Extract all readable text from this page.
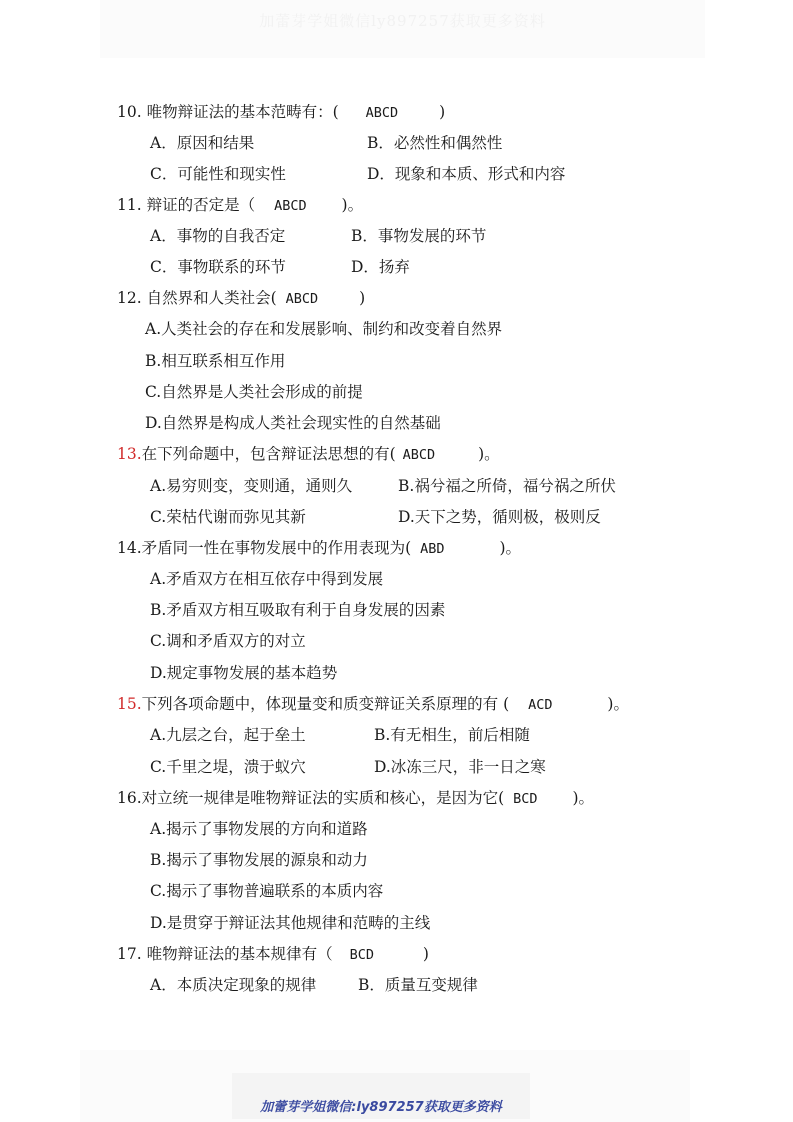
加蕾芽学姐微信ly897257获取更多资料
10. 唯物辩证法的基本范畴有：( ABCD	)
A．原因和结果	B．必然性和偶然性
C．可能性和现实性	D．现象和本质、形式和内容
11. 辩证的否定是（ ABCD )。
A．事物的自我否定	B．事物发展的环节
C．事物联系的环节	D．扬弃
12. 自然界和人类社会( ABCD	)
A.人类社会的存在和发展影响、制约和改变着自然界
B.相互联系相互作用
C.自然界是人类社会形成的前提
D.自然界是构成人类社会现实性的自然基础
13.在下列命题中，包含辩证法思想的有( ABCD	)。
A.易穷则变，变则通，通则久	B.祸兮福之所倚，福兮祸之所伏
C.荣枯代谢而弥见其新	D.天下之势，循则极，极则反
14.矛盾同一性在事物发展中的作用表现为( ABD	)。
A.矛盾双方在相互依存中得到发展
B.矛盾双方相互吸取有利于自身发展的因素
C.调和矛盾双方的对立
D.规定事物发展的基本趋势
15.下列各项命题中，体现量变和质变辩证关系原理的有 ( ACD	)。
A.九层之台，起于垒土	B.有无相生，前后相随
C.千里之堤，溃于蚁穴	D.冰冻三尺，非一日之寒
16.对立统一规律是唯物辩证法的实质和核心，是因为它( BCD )。
A.揭示了事物发展的方向和道路
B.揭示了事物发展的源泉和动力
C.揭示了事物普遍联系的本质内容
D.是贯穿于辩证法其他规律和范畴的主线
17. 唯物辩证法的基本规律有（ BCD	)
A．本质决定现象的规律	B．质量互变规律
加蕾芽学姐微信:ly897257获取更多资料
